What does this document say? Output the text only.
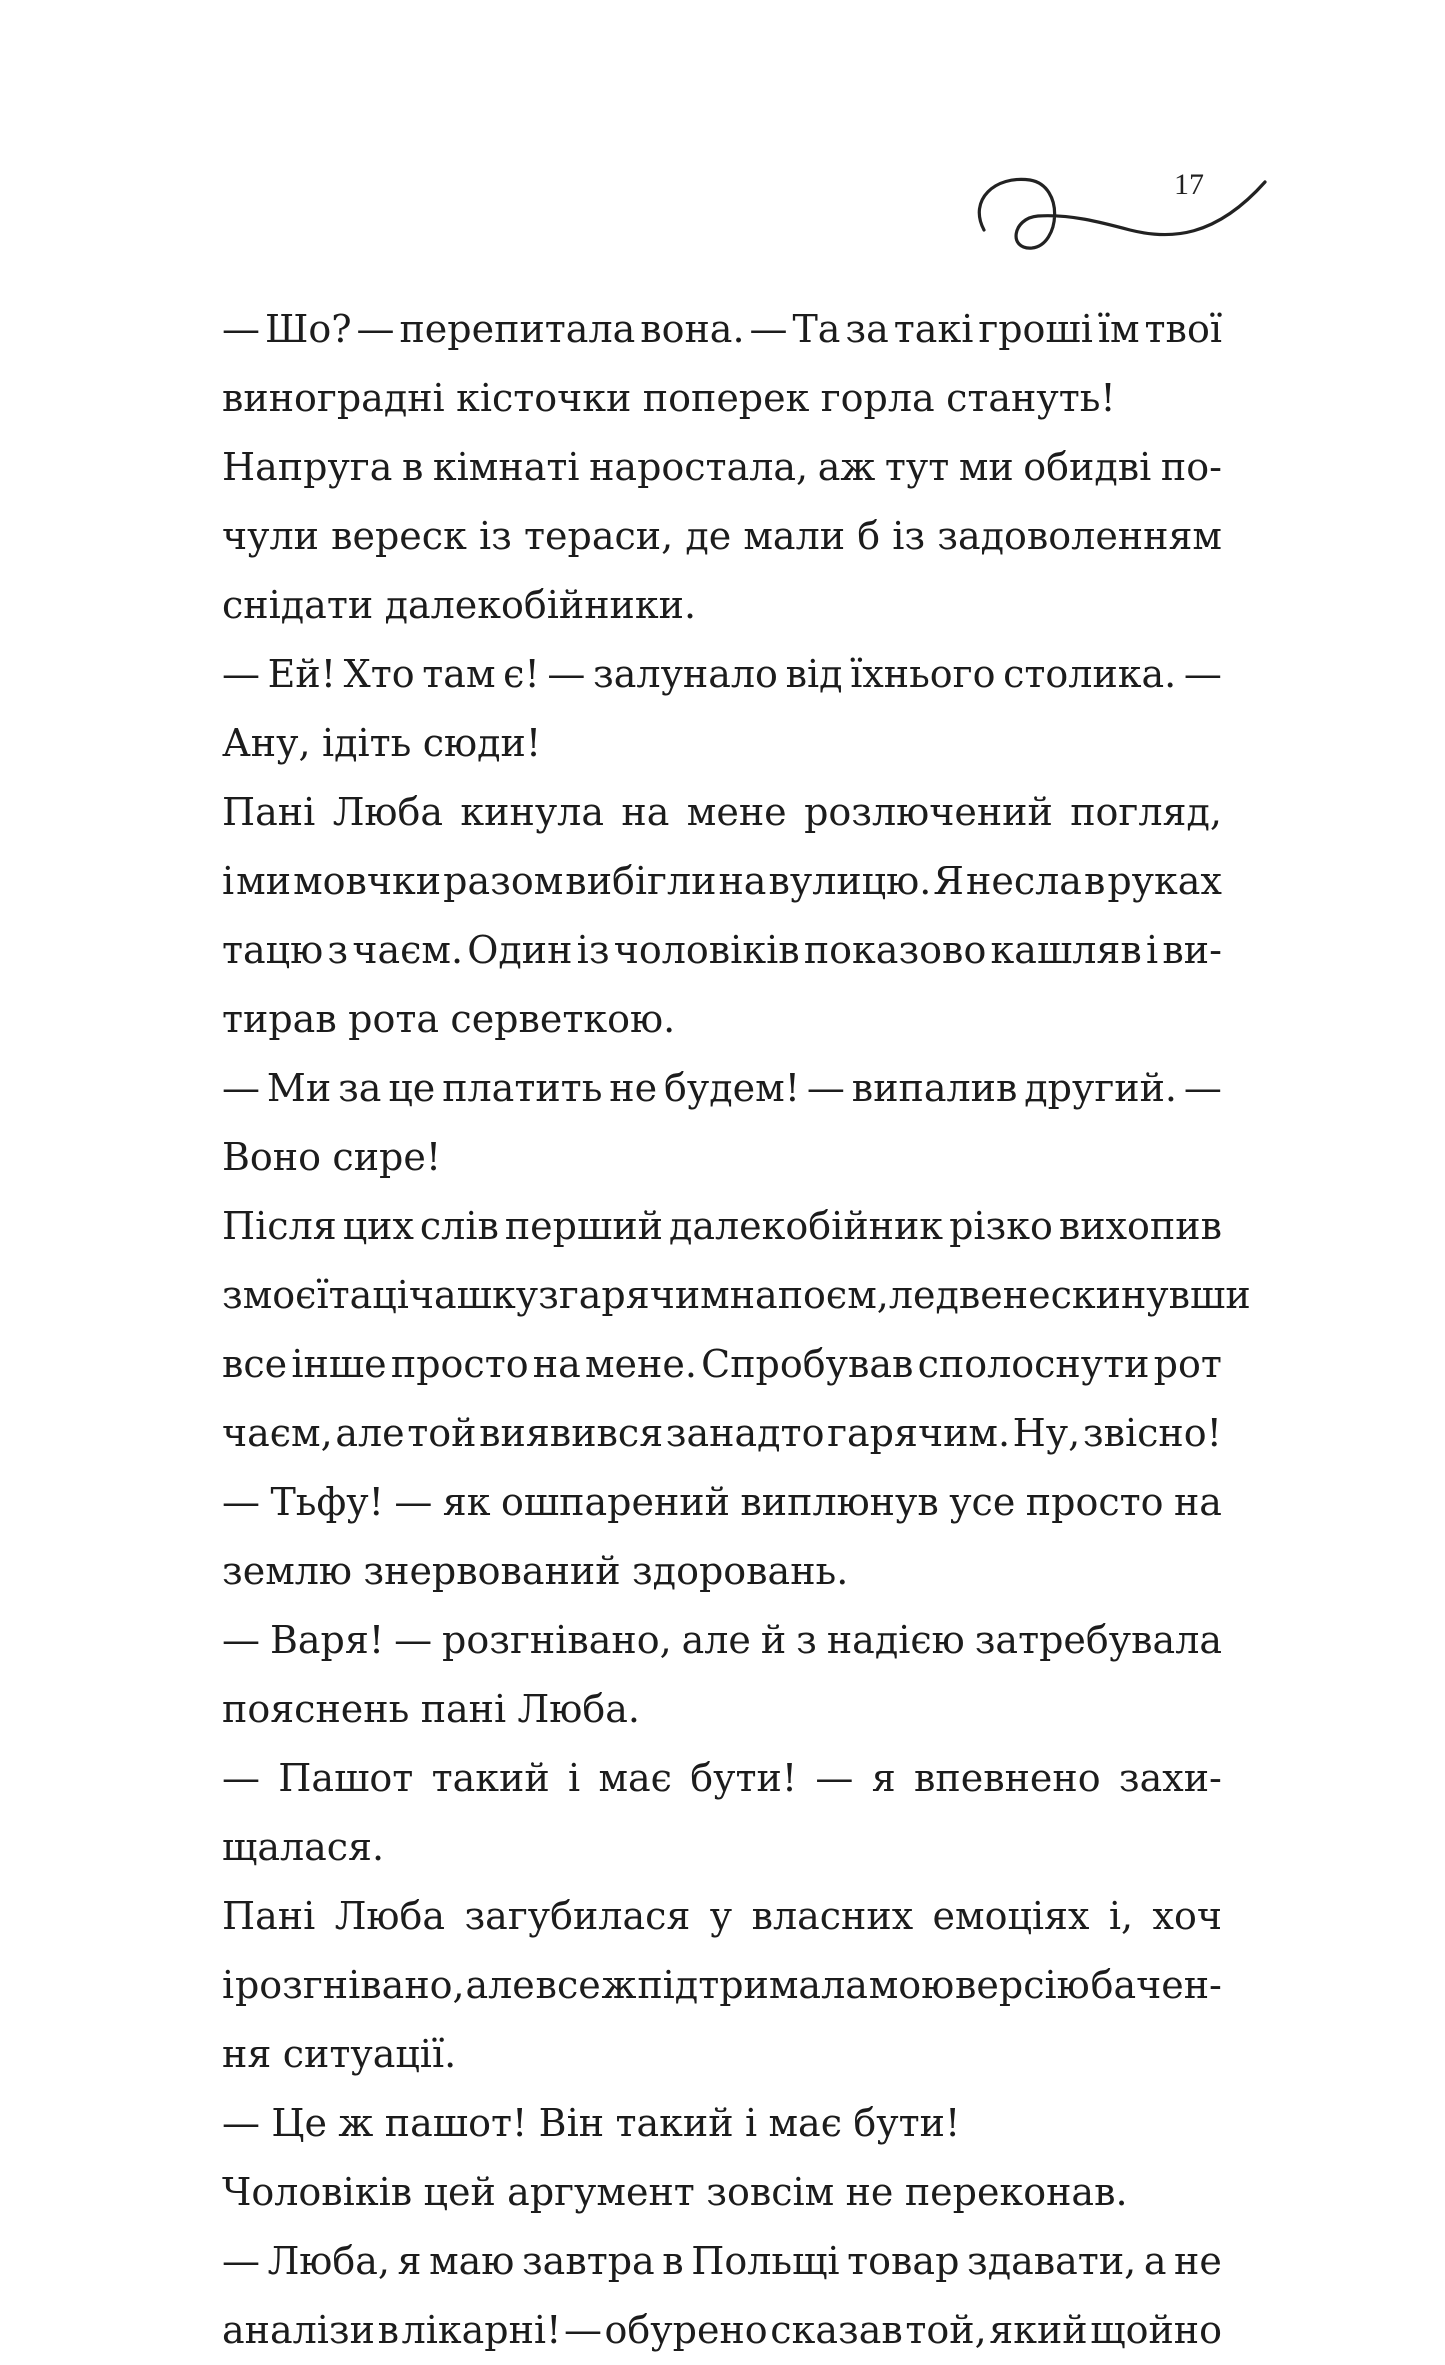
17
— Шо? — перепитала вона. — Та за такі гроші їм твої
виноградні кісточки поперек горла стануть!
Напруга в кімнаті наростала, аж тут ми обидві по-
чули вереск із тераси, де мали б із задоволенням
снідати далекобійники.
— Ей! Хто там є! — залунало від їхнього столика. —
Ану, ідіть сюди!
Пані Люба кинула на мене розлючений погляд,
і ми мовчки разом вибігли на вулицю. Я несла в руках
тацю з чаєм. Один із чоловіків показово кашляв і ви-
тирав рота серветкою.
— Ми за це платить не будем! — випалив другий. —
Воно сире!
Після цих слів перший далекобійник різко вихопив
з моєї таці чашку з гарячим напоєм, ледве не скинувши
все інше просто на мене. Спробував сполоснути рот
чаєм, але той виявився занадто гарячим. Ну, звісно!
— Тьфу! — як ошпарений виплюнув усе просто на
землю знервований здоровань.
— Варя! — розгнівано, але й з надією затребувала
пояснень пані Люба.
— Пашот такий і має бути! — я впевнено захи-
щалася.
Пані Люба загубилася у власних емоціях і, хоч
і розгнівано, але все ж підтримала мою версію бачен-
ня ситуації.
— Це ж пашот! Він такий і має бути!
Чоловіків цей аргумент зовсім не переконав.
— Люба, я маю завтра в Польщі товар здавати, а не
аналізи в лікарні! — обурено сказав той, який щойно
